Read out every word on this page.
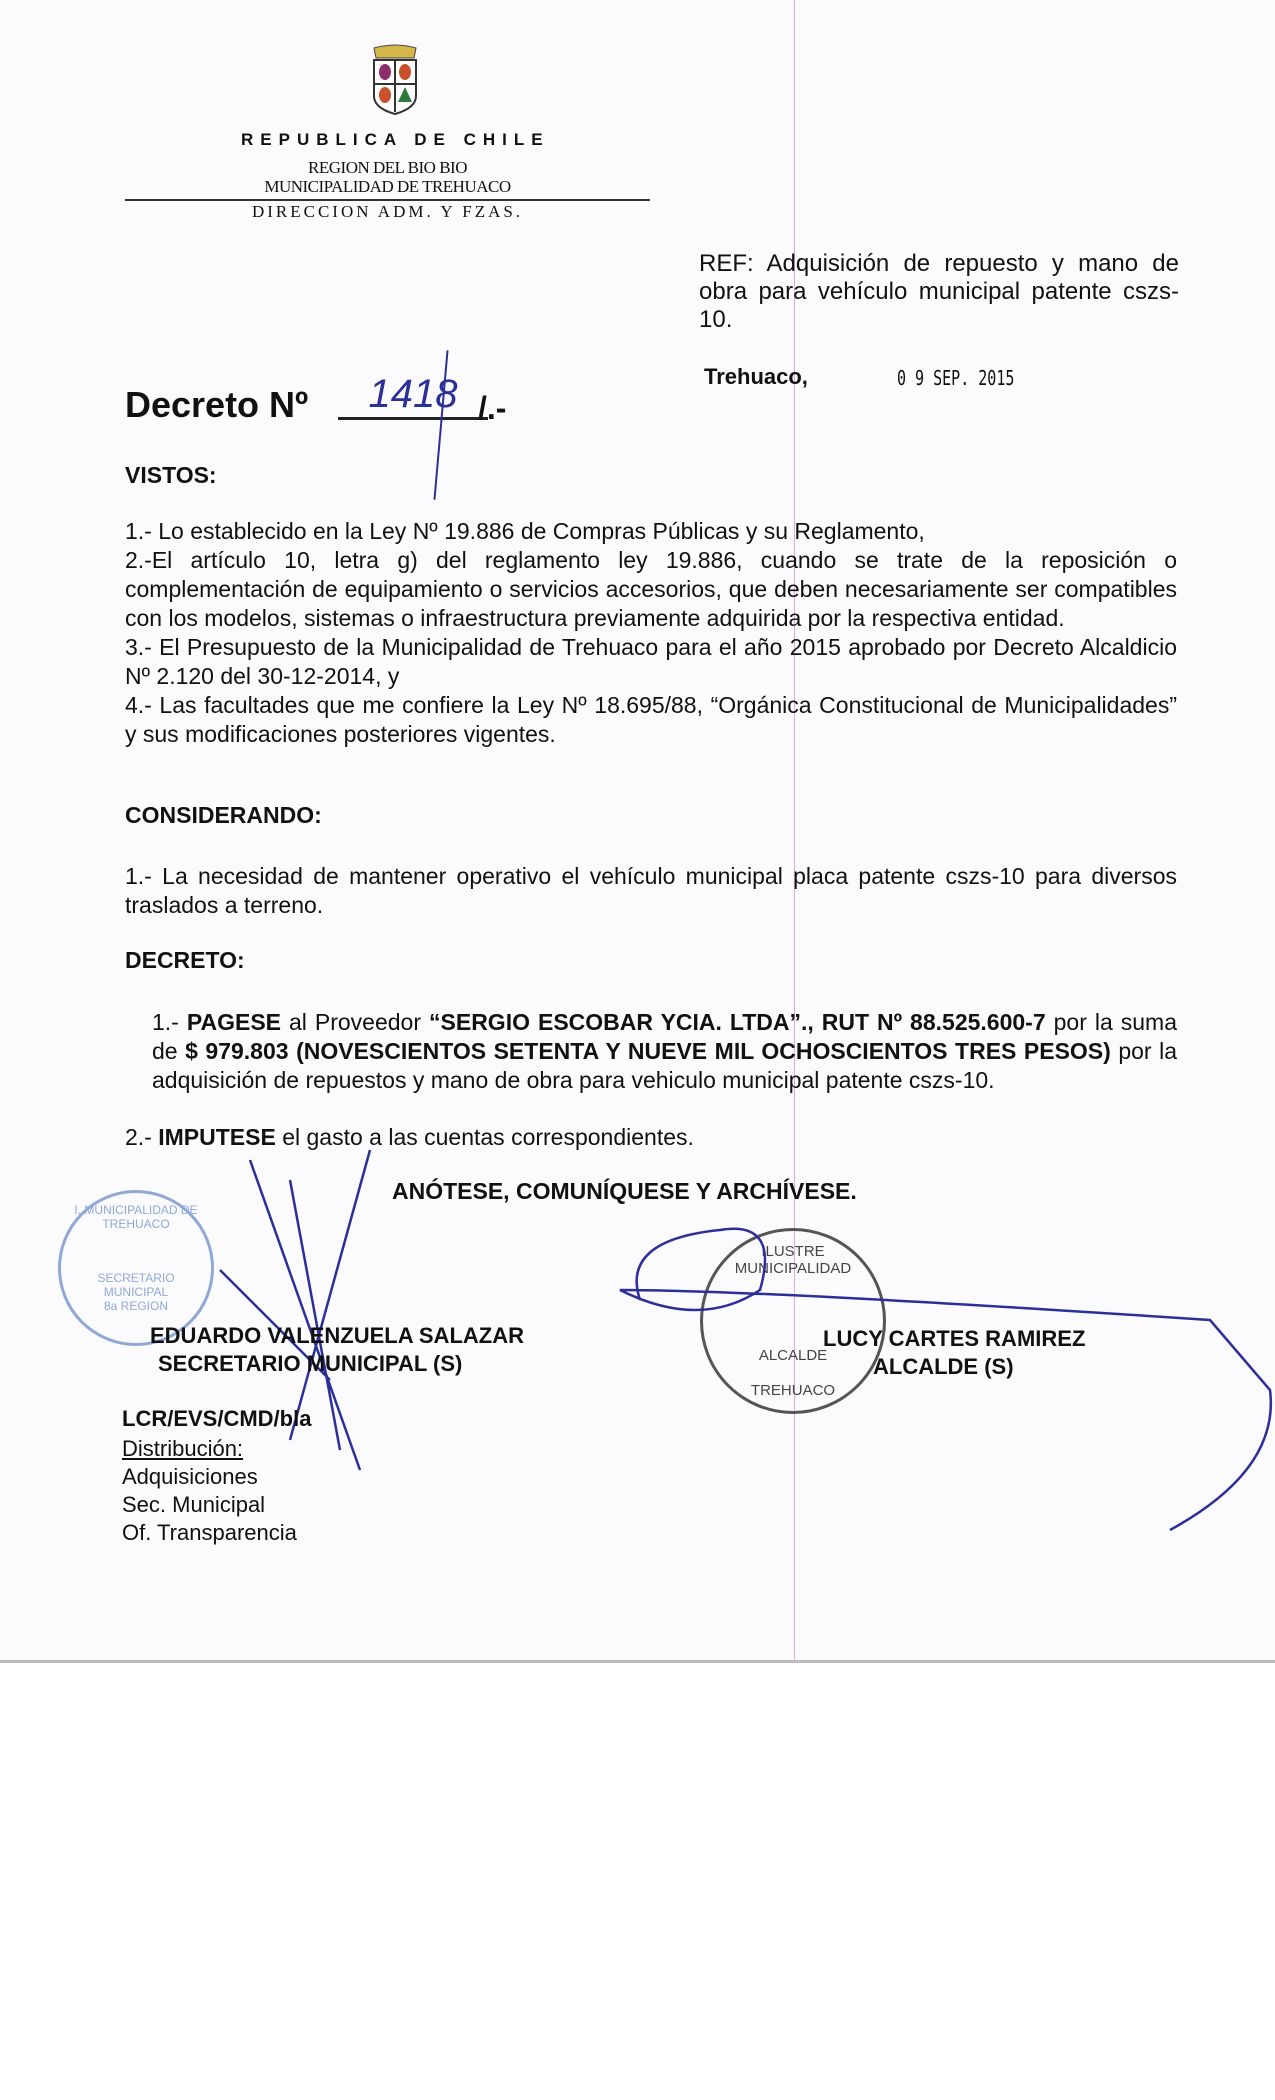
REPUBLICA DE CHILE
REGION DEL BIO BIO
MUNICIPALIDAD DE TREHUACO
DIRECCION ADM. Y FZAS.
REF: Adquisición de repuesto y mano de obra para vehículo municipal patente cszs-10.
Trehuaco,	0 9 SEP. 2015
Decreto Nº	1418 /.-
VISTOS:

1.- Lo establecido en la Ley Nº 19.886 de Compras Públicas y su Reglamento,

2.-El artículo 10, letra g) del reglamento ley 19.886, cuando se trate de la reposición o complementación de equipamiento o servicios accesorios, que deben necesariamente ser compatibles con los modelos, sistemas o infraestructura previamente adquirida por la respectiva entidad.

3.- El Presupuesto de la Municipalidad de Trehuaco para el año 2015 aprobado por Decreto Alcaldicio Nº 2.120 del 30-12-2014, y

4.- Las facultades que me confiere la Ley Nº 18.695/88, “Orgánica Constitucional de Municipalidades” y sus modificaciones posteriores vigentes.

CONSIDERANDO:
1.- La necesidad de mantener operativo el vehículo municipal placa patente cszs-10 para diversos traslados a terreno.
DECRETO:
1.- PAGESE al Proveedor “SERGIO ESCOBAR YCIA. LTDA”., RUT Nº 88.525.600-7 por la suma de $ 979.803 (NOVESCIENTOS SETENTA Y NUEVE MIL OCHOSCIENTOS TRES PESOS) por la adquisición de repuestos y mano de obra para vehiculo municipal patente cszs-10.
2.- IMPUTESE el gasto a las cuentas correspondientes.
ANÓTESE, COMUNÍQUESE Y ARCHÍVESE.
I. MUNICIPALIDAD DE TREHUACO
SECRETARIO
MUNICIPAL
8a REGION
ILUSTRE MUNICIPALIDAD
ALCALDE
TREHUACO
EDUARDO VALENZUELA SALAZAR
SECRETARIO MUNICIPAL (S)
LUCY CARTES RAMIREZ
ALCALDE (S)
LCR/EVS/CMD/bla
Distribución:
Adquisiciones
Sec. Municipal
Of. Transparencia
